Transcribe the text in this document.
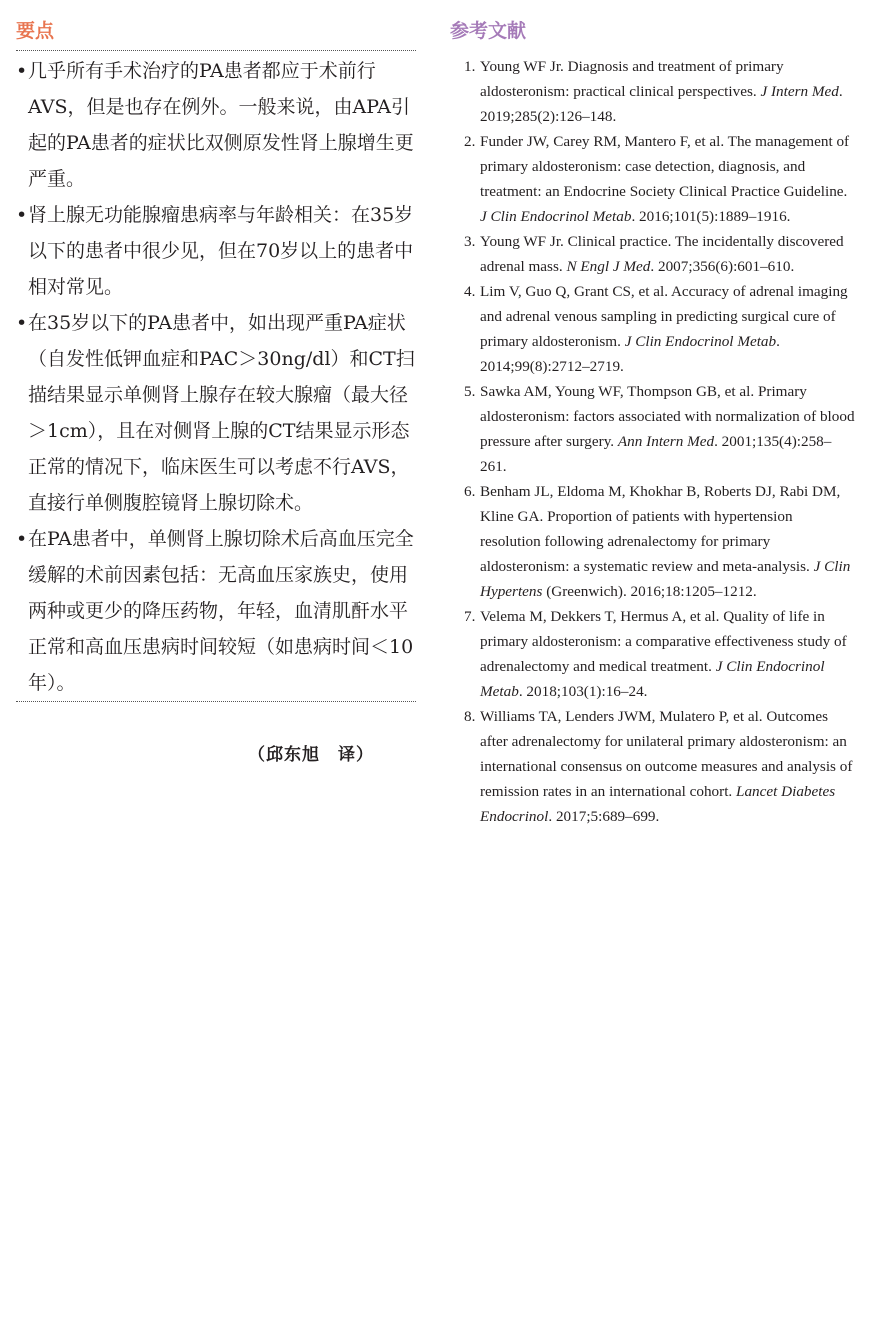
要点
• 几乎所有手术治疗的PA患者都应于术前行AVS，但是也存在例外。一般来说，由APA引起的PA患者的症状比双侧原发性肾上腺增生更严重。
• 肾上腺无功能腺瘤患病率与年龄相关：在35岁以下的患者中很少见，但在70岁以上的患者中相对常见。
• 在35岁以下的PA患者中，如出现严重PA症状（自发性低钾血症和PAC＞30ng/dl）和CT扫描结果显示单侧肾上腺存在较大腺瘤（最大径＞1cm），且在对侧肾上腺的CT结果显示形态正常的情况下，临床医生可以考虑不行AVS，直接行单侧腹腔镜肾上腺切除术。
• 在PA患者中，单侧肾上腺切除术后高血压完全缓解的术前因素包括：无高血压家族史，使用两种或更少的降压药物，年轻，血清肌酐水平正常和高血压患病时间较短（如患病时间＜10年）。
（邱东旭　译）
参考文献
1. Young WF Jr. Diagnosis and treatment of primary aldosteronism: practical clinical perspectives. J Intern Med. 2019;285(2):126–148.
2. Funder JW, Carey RM, Mantero F, et al. The management of primary aldosteronism: case detection, diagnosis, and treatment: an Endocrine Society Clinical Practice Guideline. J Clin Endocrinol Metab. 2016;101(5):1889–1916.
3. Young WF Jr. Clinical practice. The incidentally discovered adrenal mass. N Engl J Med. 2007;356(6):601–610.
4. Lim V, Guo Q, Grant CS, et al. Accuracy of adrenal imaging and adrenal venous sampling in predicting surgical cure of primary aldosteronism. J Clin Endocrinol Metab. 2014;99(8):2712–2719.
5. Sawka AM, Young WF, Thompson GB, et al. Primary aldosteronism: factors associated with normalization of blood pressure after surgery. Ann Intern Med. 2001;135(4):258–261.
6. Benham JL, Eldoma M, Khokhar B, Roberts DJ, Rabi DM, Kline GA. Proportion of patients with hypertension resolution following adrenalectomy for primary aldosteronism: a systematic review and meta-analysis. J Clin Hypertens (Greenwich). 2016;18:1205–1212.
7. Velema M, Dekkers T, Hermus A, et al. Quality of life in primary aldosteronism: a comparative effectiveness study of adrenalectomy and medical treatment. J Clin Endocrinol Metab. 2018;103(1):16–24.
8. Williams TA, Lenders JWM, Mulatero P, et al. Outcomes after adrenalectomy for unilateral primary aldosteronism: an international consensus on outcome measures and analysis of remission rates in an international cohort. Lancet Diabetes Endocrinol. 2017;5:689–699.
